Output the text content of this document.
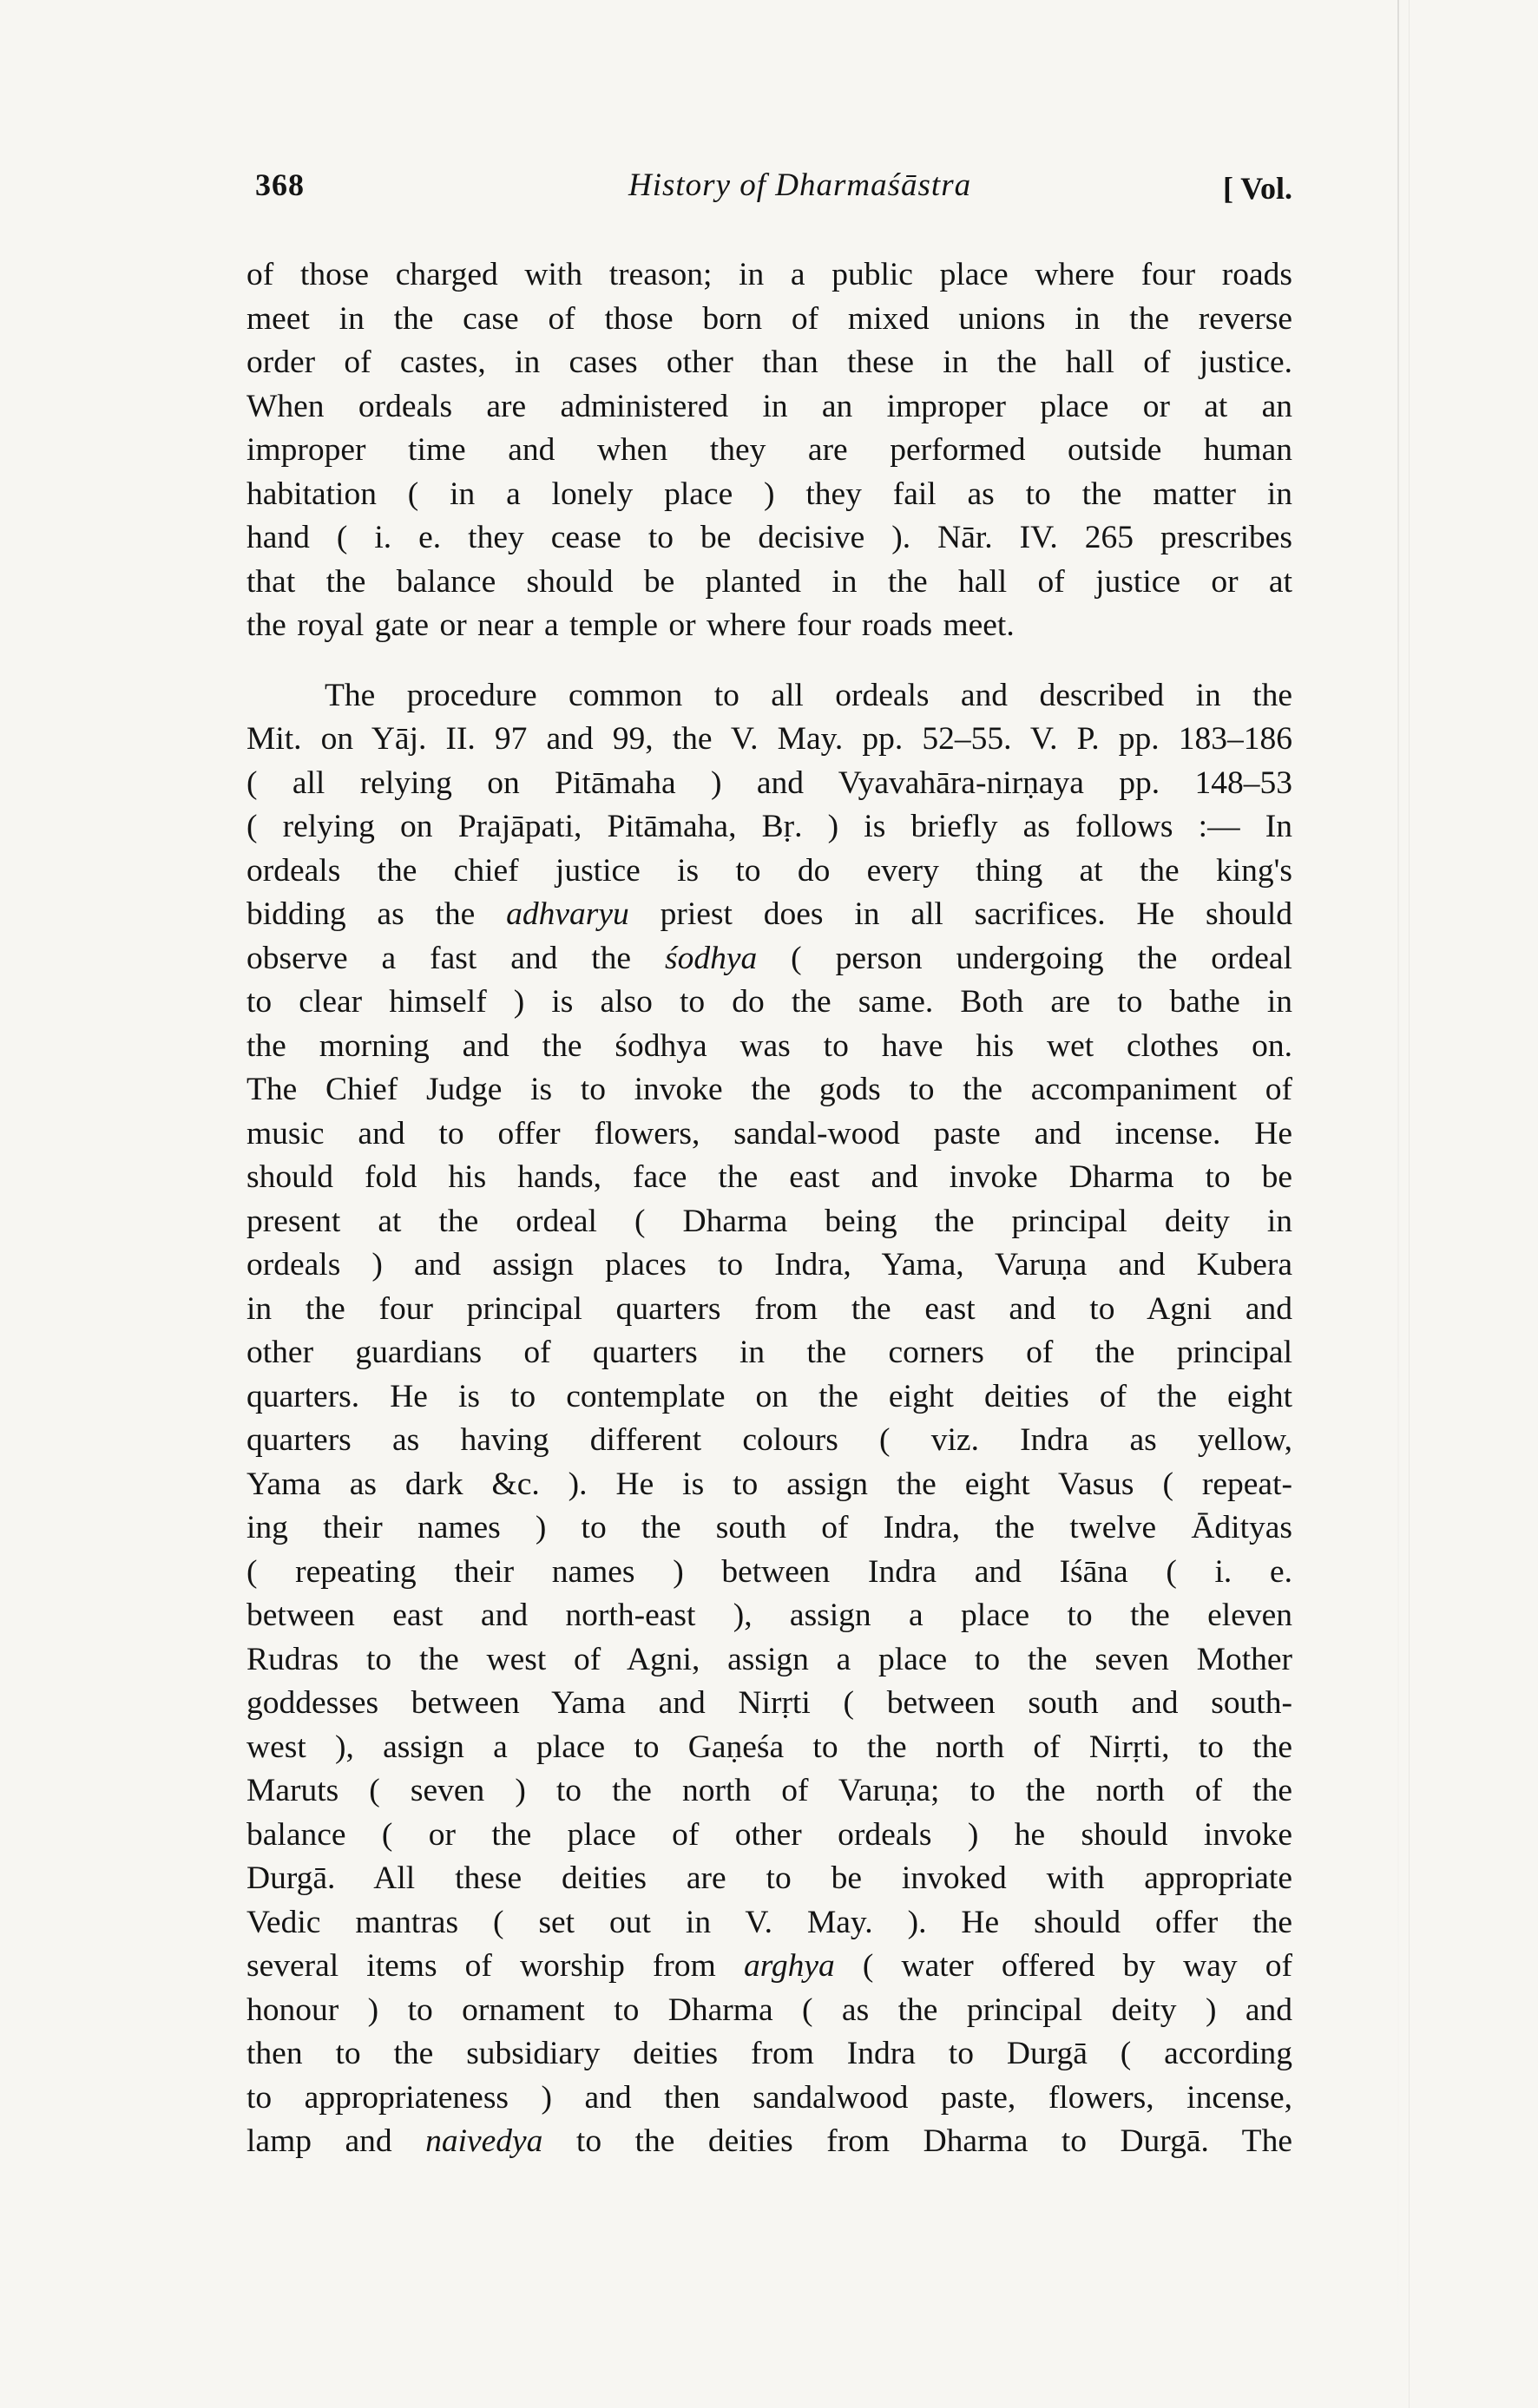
368	History of Dharmaśāstra	[ Vol.

of those charged with treason; in a public place where four roads
meet in the case of those born of mixed unions in the reverse
order of castes, in cases other than these in the hall of justice.
When ordeals are administered in an improper place or at an
improper time and when they are performed outside human
habitation ( in a lonely place ) they fail as to the matter in
hand ( i. e. they cease to be decisive ). Nār. IV. 265 prescribes
that the balance should be planted in the hall of justice or at
the royal gate or near a temple or where four roads meet.

The procedure common to all ordeals and described in the
Mit. on Yāj. II. 97 and 99, the V. May. pp. 52–55. V. P. pp. 183–186
( all relying on Pitāmaha ) and Vyavahāra-nirṇaya pp. 148–53
( relying on Prajāpati, Pitāmaha, Bṛ. ) is briefly as follows :— In
ordeals the chief justice is to do every thing at the king's
bidding as the adhvaryu priest does in all sacrifices. He should
observe a fast and the śodhya ( person undergoing the ordeal
to clear himself ) is also to do the same. Both are to bathe in
the morning and the śodhya was to have his wet clothes on.
The Chief Judge is to invoke the gods to the accompaniment of
music and to offer flowers, sandal-wood paste and incense. He
should fold his hands, face the east and invoke Dharma to be
present at the ordeal ( Dharma being the principal deity in
ordeals ) and assign places to Indra, Yama, Varuṇa and Kubera
in the four principal quarters from the east and to Agni and
other guardians of quarters in the corners of the principal
quarters. He is to contemplate on the eight deities of the eight
quarters as having different colours ( viz. Indra as yellow,
Yama as dark &c. ). He is to assign the eight Vasus ( repeat-
ing their names ) to the south of Indra, the twelve Ādityas
( repeating their names ) between Indra and Iśāna ( i. e.
between east and north-east ), assign a place to the eleven
Rudras to the west of Agni, assign a place to the seven Mother
goddesses between Yama and Nirṛti ( between south and south-
west ), assign a place to Gaṇeśa to the north of Nirṛti, to the
Maruts ( seven ) to the north of Varuṇa; to the north of the
balance ( or the place of other ordeals ) he should invoke
Durgā. All these deities are to be invoked with appropriate
Vedic mantras ( set out in V. May. ). He should offer the
several items of worship from arghya ( water offered by way of
honour ) to ornament to Dharma ( as the principal deity ) and
then to the subsidiary deities from Indra to Durgā ( according
to appropriateness ) and then sandalwood paste, flowers, incense,
lamp and naivedya to the deities from Dharma to Durgā. The
